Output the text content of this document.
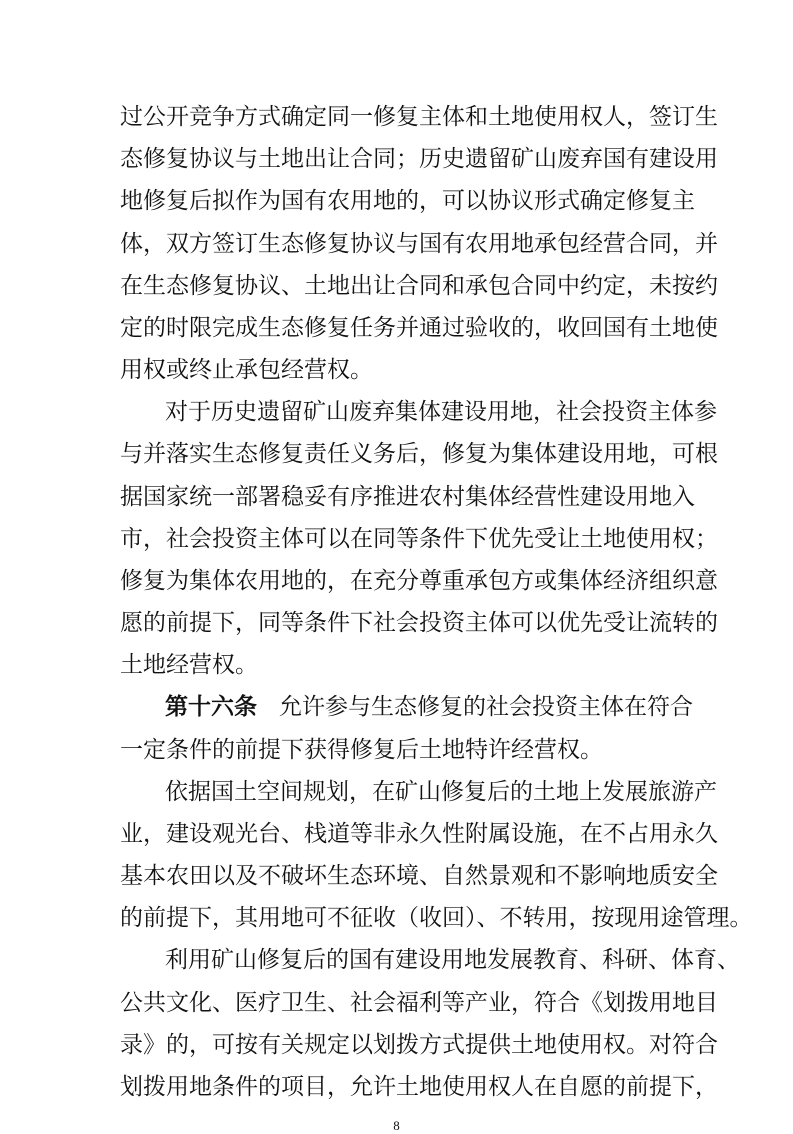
过公开竞争方式确定同一修复主体和土地使用权人，签订生
态修复协议与土地出让合同；历史遗留矿山废弃国有建设用
地修复后拟作为国有农用地的，可以协议形式确定修复主
体，双方签订生态修复协议与国有农用地承包经营合同，并
在生态修复协议、土地出让合同和承包合同中约定，未按约
定的时限完成生态修复任务并通过验收的，收回国有土地使
用权或终止承包经营权。
对于历史遗留矿山废弃集体建设用地，社会投资主体参
与并落实生态修复责任义务后，修复为集体建设用地，可根
据国家统一部署稳妥有序推进农村集体经营性建设用地入
市，社会投资主体可以在同等条件下优先受让土地使用权；
修复为集体农用地的，在充分尊重承包方或集体经济组织意
愿的前提下，同等条件下社会投资主体可以优先受让流转的
土地经营权。
第十六条 允许参与生态修复的社会投资主体在符合
一定条件的前提下获得修复后土地特许经营权。
依据国土空间规划，在矿山修复后的土地上发展旅游产
业，建设观光台、栈道等非永久性附属设施，在不占用永久
基本农田以及不破坏生态环境、自然景观和不影响地质安全
的前提下，其用地可不征收（收回）、不转用，按现用途管理。
利用矿山修复后的国有建设用地发展教育、科研、体育、
8
公共文化、医疗卫生、社会福利等产业，符合《划拨用地目
录》的，可按有关规定以划拨方式提供土地使用权。对符合
划拨用地条件的项目，允许土地使用权人在自愿的前提下，
